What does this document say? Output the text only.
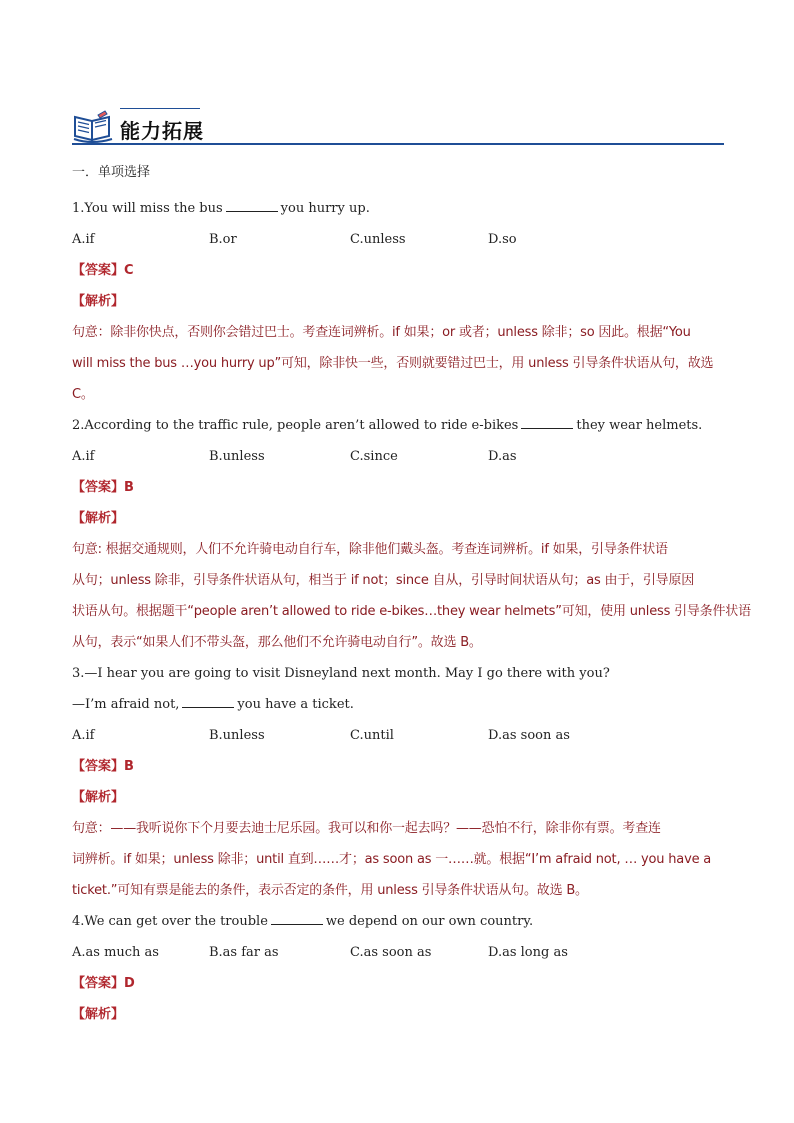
能力拓展
一．单项选择
1.You will miss the bus	you hurry up.
A.if	B.or	C.unless	D.so
【答案】C
【解析】
句意：除非你快点，否则你会错过巴士。考查连词辨析。if 如果；or 或者；unless 除非；so 因此。根据“You
will miss the bus …you hurry up”可知，除非快一些，否则就要错过巴士，用 unless 引导条件状语从句，故选
C。
2.According to the traffic rule, people aren’t allowed to ride e-bikes	they wear helmets.
A.if	B.unless	C.since	D.as
【答案】B
【解析】
句意: 根据交通规则，人们不允许骑电动自行车，除非他们戴头盔。考查连词辨析。if 如果，引导条件状语
从句；unless 除非，引导条件状语从句，相当于 if not；since 自从，引导时间状语从句；as 由于，引导原因
状语从句。根据题干“people aren’t allowed to ride e-bikes…they wear helmets”可知，使用 unless 引导条件状语
从句，表示“如果人们不带头盔，那么他们不允许骑电动自行”。故选 B。
3.—I hear you are going to visit Disneyland next month. May I go there with you?
—I’m afraid not,	you have a ticket.
A.if	B.unless	C.until	D.as soon as
【答案】B
【解析】
句意：——我听说你下个月要去迪士尼乐园。我可以和你一起去吗？——恐怕不行，除非你有票。考查连
词辨析。if 如果；unless 除非；until 直到……才；as soon as 一……就。根据“I’m afraid not, … you have a
ticket.”可知有票是能去的条件，表示否定的条件，用 unless 引导条件状语从句。故选 B。
4.We can get over the trouble	we depend on our own country.
A.as much as	B.as far as	C.as soon as	D.as long as
【答案】D
【解析】
